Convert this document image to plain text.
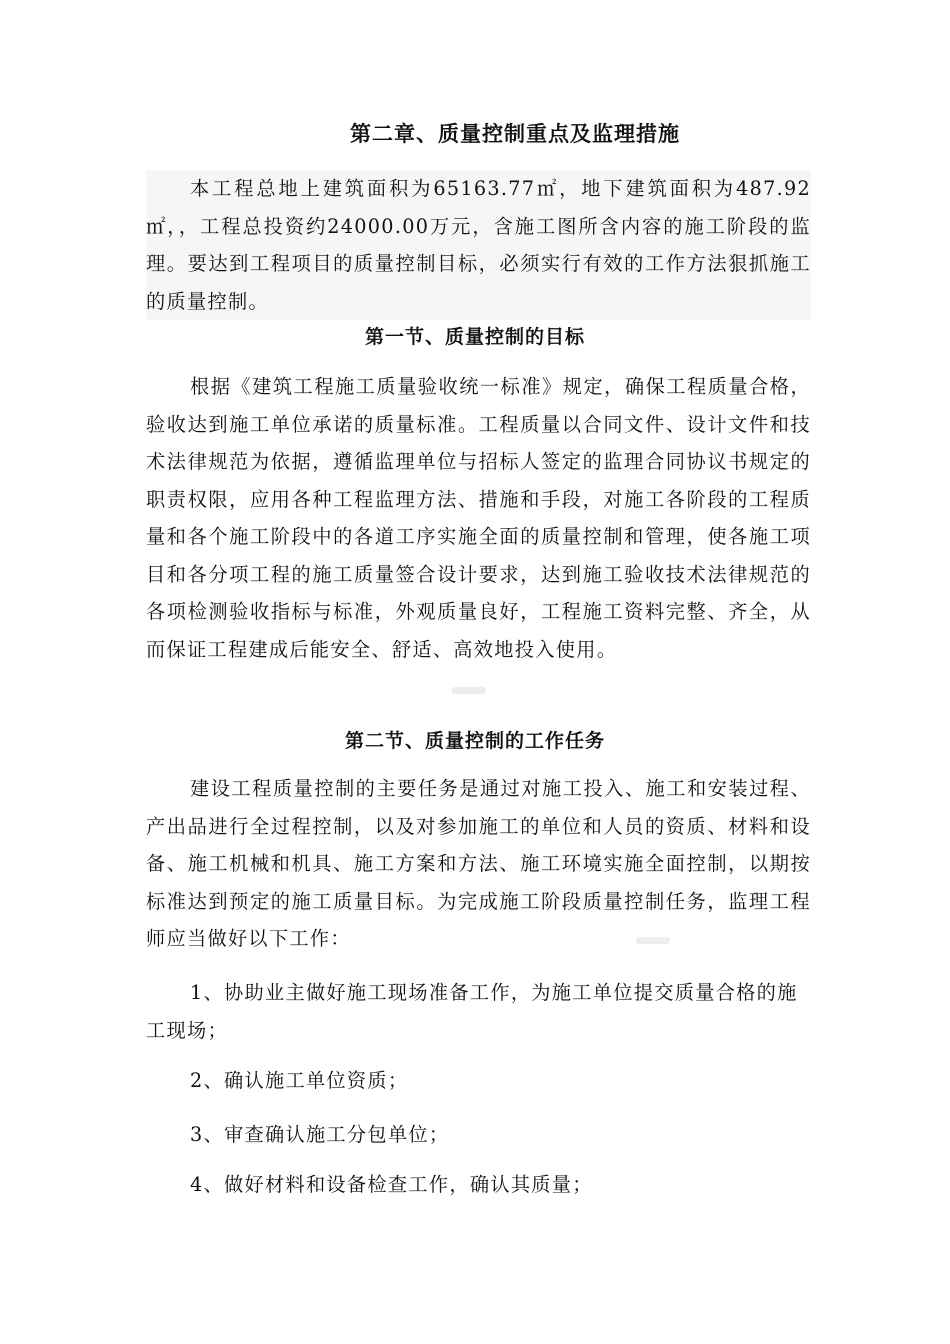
第二章、质量控制重点及监理措施

本工程总地上建筑面积为65163.77㎡，地下建筑面积为487.92㎡，，工程总投资约24000.00万元，含施工图所含内容的施工阶段的监理。要达到工程项目的质量控制目标，必须实行有效的工作方法狠抓施工的质量控制。

第一节、质量控制的目标

根据《建筑工程施工质量验收统一标准》规定，确保工程质量合格，验收达到施工单位承诺的质量标准。工程质量以合同文件、设计文件和技术法律规范为依据，遵循监理单位与招标人签定的监理合同协议书规定的职责权限，应用各种工程监理方法、措施和手段，对施工各阶段的工程质量和各个施工阶段中的各道工序实施全面的质量控制和管理，使各施工项目和各分项工程的施工质量签合设计要求，达到施工验收技术法律规范的各项检测验收指标与标准，外观质量良好，工程施工资料完整、齐全，从而保证工程建成后能安全、舒适、高效地投入使用。

第二节、质量控制的工作任务

建设工程质量控制的主要任务是通过对施工投入、施工和安装过程、产出品进行全过程控制，以及对参加施工的单位和人员的资质、材料和设备、施工机械和机具、施工方案和方法、施工环境实施全面控制，以期按标准达到预定的施工质量目标。为完成施工阶段质量控制任务，监理工程师应当做好以下工作：

1、协助业主做好施工现场准备工作，为施工单位提交质量合格的施工现场；

2、确认施工单位资质；

3、审查确认施工分包单位；

4、做好材料和设备检查工作，确认其质量；
